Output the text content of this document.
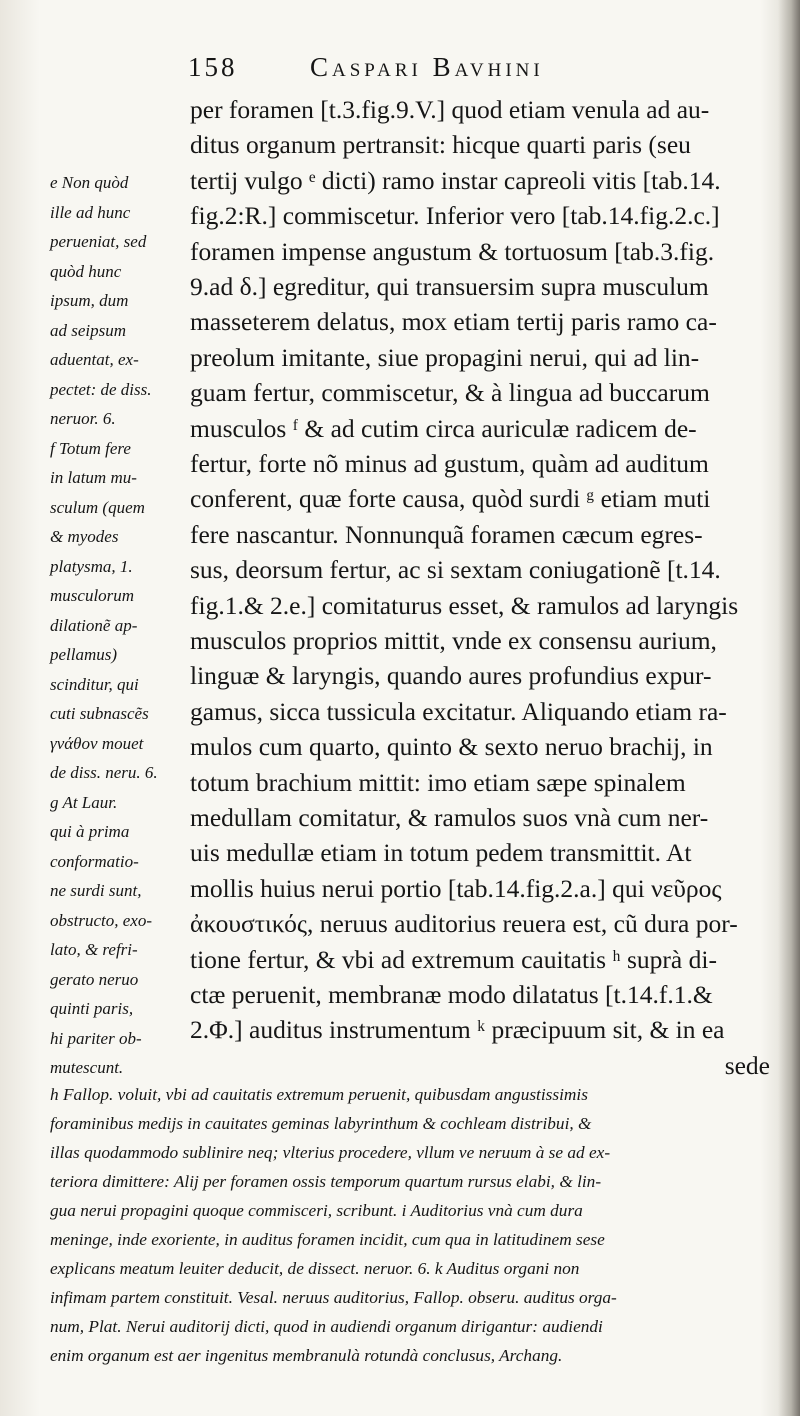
158	Caspari Bavhini
e Non quòd
ille ad hunc
perueniat, sed
quòd hunc
ipsum, dum
ad seipsum
aduentat, ex-
pectet: de diss.
neruor. 6.
f Totum fere
in latum mu-
sculum (quem
& myodes
platysma, 1.
musculorum
dilationẽ ap-
pellamus)
scinditur, qui
cuti subnascẽs
γνάθον mouet
de diss. neru. 6.
g At Laur.
qui à prima
conformatio-
ne surdi sunt,
obstructo, exo-
lato, & refri-
gerato neruo
quinti paris,
hi pariter ob-
mutescunt.
per foramen [t.3.fig.9.V.] quod etiam venula ad au-
ditus organum pertransit: hicque quarti paris (seu
tertij vulgo ᵉ dicti) ramo instar capreoli vitis [tab.14.
fig.2:R.] commiscetur. Inferior vero [tab.14.fig.2.c.]
foramen impense angustum & tortuosum [tab.3.fig.
9.ad δ.] egreditur, qui transuersim supra musculum
masseterem delatus, mox etiam tertij paris ramo ca-
preolum imitante, siue propagini nerui, qui ad lin-
guam fertur, commiscetur, & à lingua ad buccarum
musculos ᶠ & ad cutim circa auriculæ radicem de-
fertur, forte nõ minus ad gustum, quàm ad auditum
conferent, quæ forte causa, quòd surdi ᵍ etiam muti
fere nascantur. Nonnunquã foramen cæcum egres-
sus, deorsum fertur, ac si sextam coniugationẽ [t.14.
fig.1.& 2.e.] comitaturus esset, & ramulos ad laryngis
musculos proprios mittit, vnde ex consensu aurium,
linguæ & laryngis, quando aures profundius expur-
gamus, sicca tussicula excitatur. Aliquando etiam ra-
mulos cum quarto, quinto & sexto neruo brachij, in
totum brachium mittit: imo etiam sæpe spinalem
medullam comitatur, & ramulos suos vnà cum ner-
uis medullæ etiam in totum pedem transmittit. At
mollis huius nerui portio [tab.14.fig.2.a.] qui νεῦρος
ἀκουστικός, neruus auditorius reuera est, cũ dura por-
tione fertur, & vbi ad extremum cauitatis ʰ suprà di-
ctæ peruenit, membranæ modo dilatatus [t.14.f.1.&
2.Φ.] auditus instrumentum ᵏ præcipuum sit, & in ea
sede
h Fallop. voluit, vbi ad cauitatis extremum peruenit, quibusdam angustissimis
foraminibus medijs in cauitates geminas labyrinthum & cochleam distribui, &
illas quodammodo sublinire neq; vlterius procedere, vllum ve neruum à se ad ex-
teriora dimittere: Alij per foramen ossis temporum quartum rursus elabi, & lin-
gua nerui propagini quoque commisceri, scribunt. i Auditorius vnà cum dura
meninge, inde exoriente, in auditus foramen incidit, cum qua in latitudinem sese
explicans meatum leuiter deducit, de dissect. neruor. 6. k Auditus organi non
infimam partem constituit. Vesal. neruus auditorius, Fallop. obseru. auditus orga-
num, Plat. Nerui auditorij dicti, quod in audiendi organum dirigantur: audiendi
enim organum est aer ingenitus membranulà rotundà conclusus, Archang.
